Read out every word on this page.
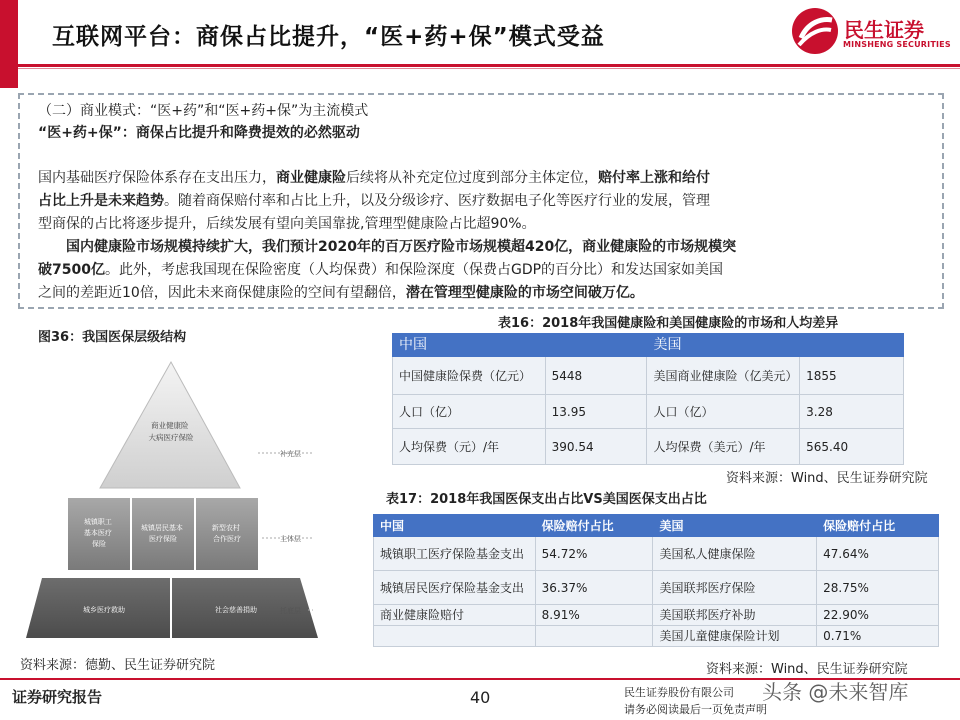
互联网平台：商保占比提升，“医+药+保”模式受益	民生证券
MINSHENG SECURITIES
（二）商业模式：“医+药”和“医+药+保”为主流模式
“医+药+保”：商保占比提升和降费提效的必然驱动
国内基础医疗保险体系存在支出压力，商业健康险后续将从补充定位过度到部分主体定位，赔付率上涨和给付
占比上升是未来趋势。随着商保赔付率和占比上升，以及分级诊疗、医疗数据电子化等医疗行业的发展，管理
型商保的占比将逐步提升，后续发展有望向美国靠拢,管理型健康险占比超90%。
国内健康险市场规模持续扩大，我们预计2020年的百万医疗险市场规模超420亿，商业健康险的市场规模突
破7500亿。此外，考虑我国现在保险密度（人均保费）和保险深度（保费占GDP的百分比）和发达国家如美国
之间的差距近10倍，因此未来商保健康险的空间有望翻倍，潜在管理型健康险的市场空间破万亿。
图36：我国医保层级结构
商业健康险 大病医疗保险
城镇职工 基本医疗 保险
城镇居民基本 医疗保险
新型农村 合作医疗
城乡医疗救助	社会慈善捐助
补充层
主体层
托底层
资料来源：德勤、民生证券研究院
表16：2018年我国健康险和美国健康险的市场和人均差异
中国		美国	
中国健康险保费（亿元）	5448	美国商业健康险（亿美元）	1855
人口（亿）	13.95	人口（亿）	3.28
人均保费（元）/年	390.54	人均保费（美元）/年	565.40
资料来源：Wind、民生证券研究院
表17：2018年我国医保支出占比VS美国医保支出占比
中国	保险赔付占比	美国	保险赔付占比
城镇职工医疗保险基金支出	54.72%	美国私人健康保险	47.64%
城镇居民医疗保险基金支出	36.37%	美国联邦医疗保险	28.75%
商业健康险赔付	8.91%	美国联邦医疗补助	22.90%
		美国儿童健康保险计划	0.71%
资料来源：Wind、民生证券研究院
证券研究报告	40	民生证券股份有限公司
请务必阅读最后一页免责声明
头条 @未来智库
